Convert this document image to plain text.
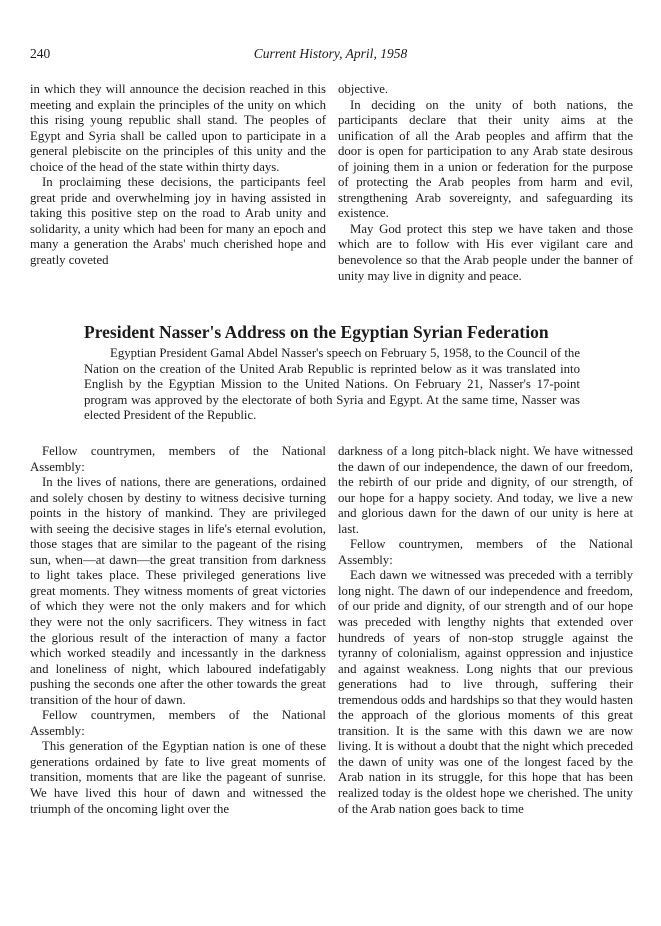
240	Current History, April, 1958

in which they will announce the decision reached in this meeting and explain the principles of the unity on which this rising young republic shall stand. The peoples of Egypt and Syria shall be called upon to participate in a general plebiscite on the principles of this unity and the choice of the head of the state within thirty days.

In proclaiming these decisions, the participants feel great pride and overwhelming joy in having assisted in taking this positive step on the road to Arab unity and solidarity, a unity which had been for many an epoch and many a generation the Arabs' much cherished hope and greatly coveted

objective.

In deciding on the unity of both nations, the participants declare that their unity aims at the unification of all the Arab peoples and affirm that the door is open for participation to any Arab state desirous of joining them in a union or federation for the purpose of protecting the Arab peoples from harm and evil, strengthening Arab sovereignty, and safeguarding its existence.

May God protect this step we have taken and those which are to follow with His ever vigilant care and benevolence so that the Arab people under the banner of unity may live in dignity and peace.

President Nasser's Address on the Egyptian Syrian Federation

Egyptian President Gamal Abdel Nasser's speech on February 5, 1958, to the Council of the Nation on the creation of the United Arab Republic is reprinted below as it was translated into English by the Egyptian Mission to the United Nations. On February 21, Nasser's 17-point program was approved by the electorate of both Syria and Egypt. At the same time, Nasser was elected President of the Republic.

Fellow countrymen, members of the National Assembly:

In the lives of nations, there are generations, ordained and solely chosen by destiny to witness decisive turning points in the history of mankind. They are privileged with seeing the decisive stages in life's eternal evolution, those stages that are similar to the pageant of the rising sun, when—at dawn—the great transition from darkness to light takes place. These privileged generations live great moments. They witness moments of great victories of which they were not the only makers and for which they were not the only sacrificers. They witness in fact the glorious result of the interaction of many a factor which worked steadily and incessantly in the darkness and loneliness of night, which laboured indefatigably pushing the seconds one after the other towards the great transition of the hour of dawn.

Fellow countrymen, members of the National Assembly:

This generation of the Egyptian nation is one of these generations ordained by fate to live great moments of transition, moments that are like the pageant of sunrise. We have lived this hour of dawn and witnessed the triumph of the oncoming light over the

darkness of a long pitch-black night. We have witnessed the dawn of our independence, the dawn of our freedom, the rebirth of our pride and dignity, of our strength, of our hope for a happy society. And today, we live a new and glorious dawn for the dawn of our unity is here at last.

Fellow countrymen, members of the National Assembly:

Each dawn we witnessed was preceded with a terribly long night. The dawn of our independence and freedom, of our pride and dignity, of our strength and of our hope was preceded with lengthy nights that extended over hundreds of years of non-stop struggle against the tyranny of colonialism, against oppression and injustice and against weakness. Long nights that our previous generations had to live through, suffering their tremendous odds and hardships so that they would hasten the approach of the glorious moments of this great transition. It is the same with this dawn we are now living. It is without a doubt that the night which preceded the dawn of unity was one of the longest faced by the Arab nation in its struggle, for this hope that has been realized today is the oldest hope we cherished. The unity of the Arab nation goes back to time
